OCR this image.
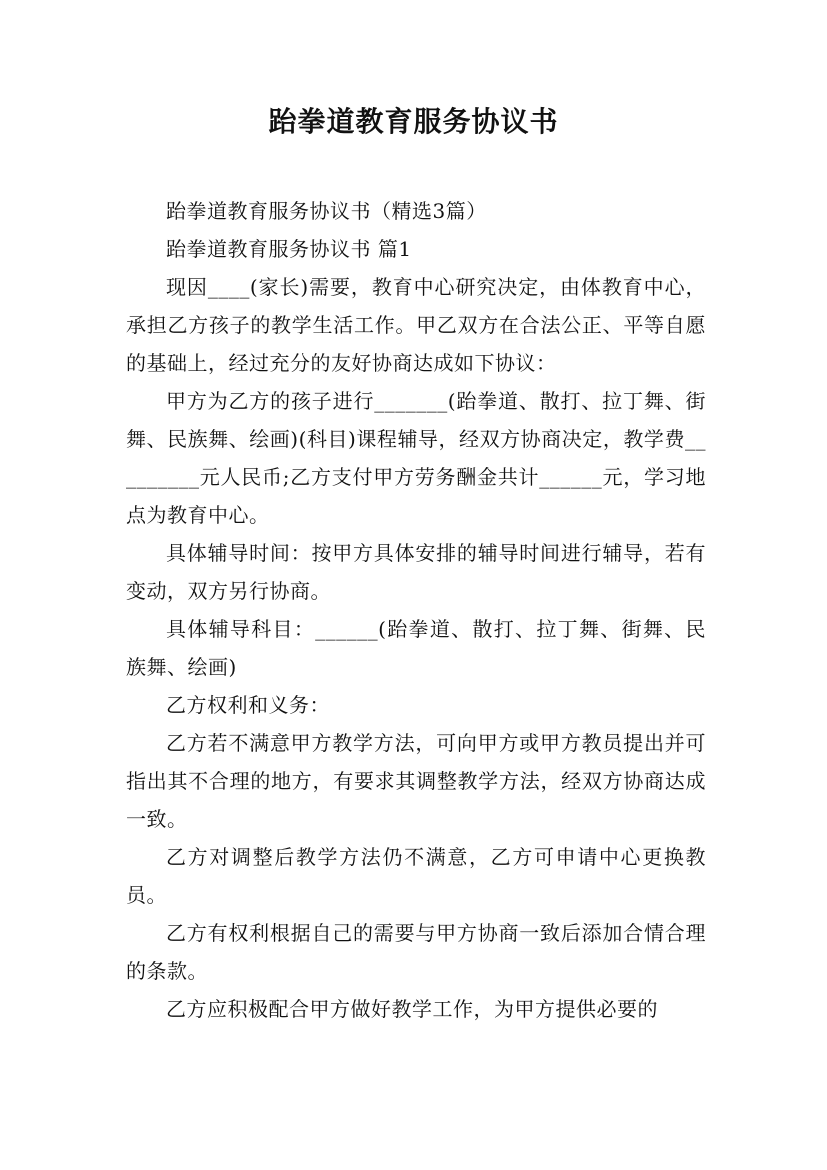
跆拳道教育服务协议书

跆拳道教育服务协议书（精选3篇）

跆拳道教育服务协议书 篇1

现因____(家长)需要，教育中心研究决定，由体教育中心，承担乙方孩子的教学生活工作。甲乙双方在合法公正、平等自愿的基础上，经过充分的友好协商达成如下协议：

甲方为乙方的孩子进行_______(跆拳道、散打、拉丁舞、街舞、民族舞、绘画)(科目)课程辅导，经双方协商决定，教学费_________元人民币;乙方支付甲方劳务酬金共计______元，学习地点为教育中心。

具体辅导时间：按甲方具体安排的辅导时间进行辅导，若有变动，双方另行协商。

具体辅导科目：______(跆拳道、散打、拉丁舞、街舞、民族舞、绘画)

乙方权利和义务：

乙方若不满意甲方教学方法，可向甲方或甲方教员提出并可指出其不合理的地方，有要求其调整教学方法，经双方协商达成一致。

乙方对调整后教学方法仍不满意，乙方可申请中心更换教员。

乙方有权利根据自己的需要与甲方协商一致后添加合情合理的条款。

乙方应积极配合甲方做好教学工作，为甲方提供必要的
